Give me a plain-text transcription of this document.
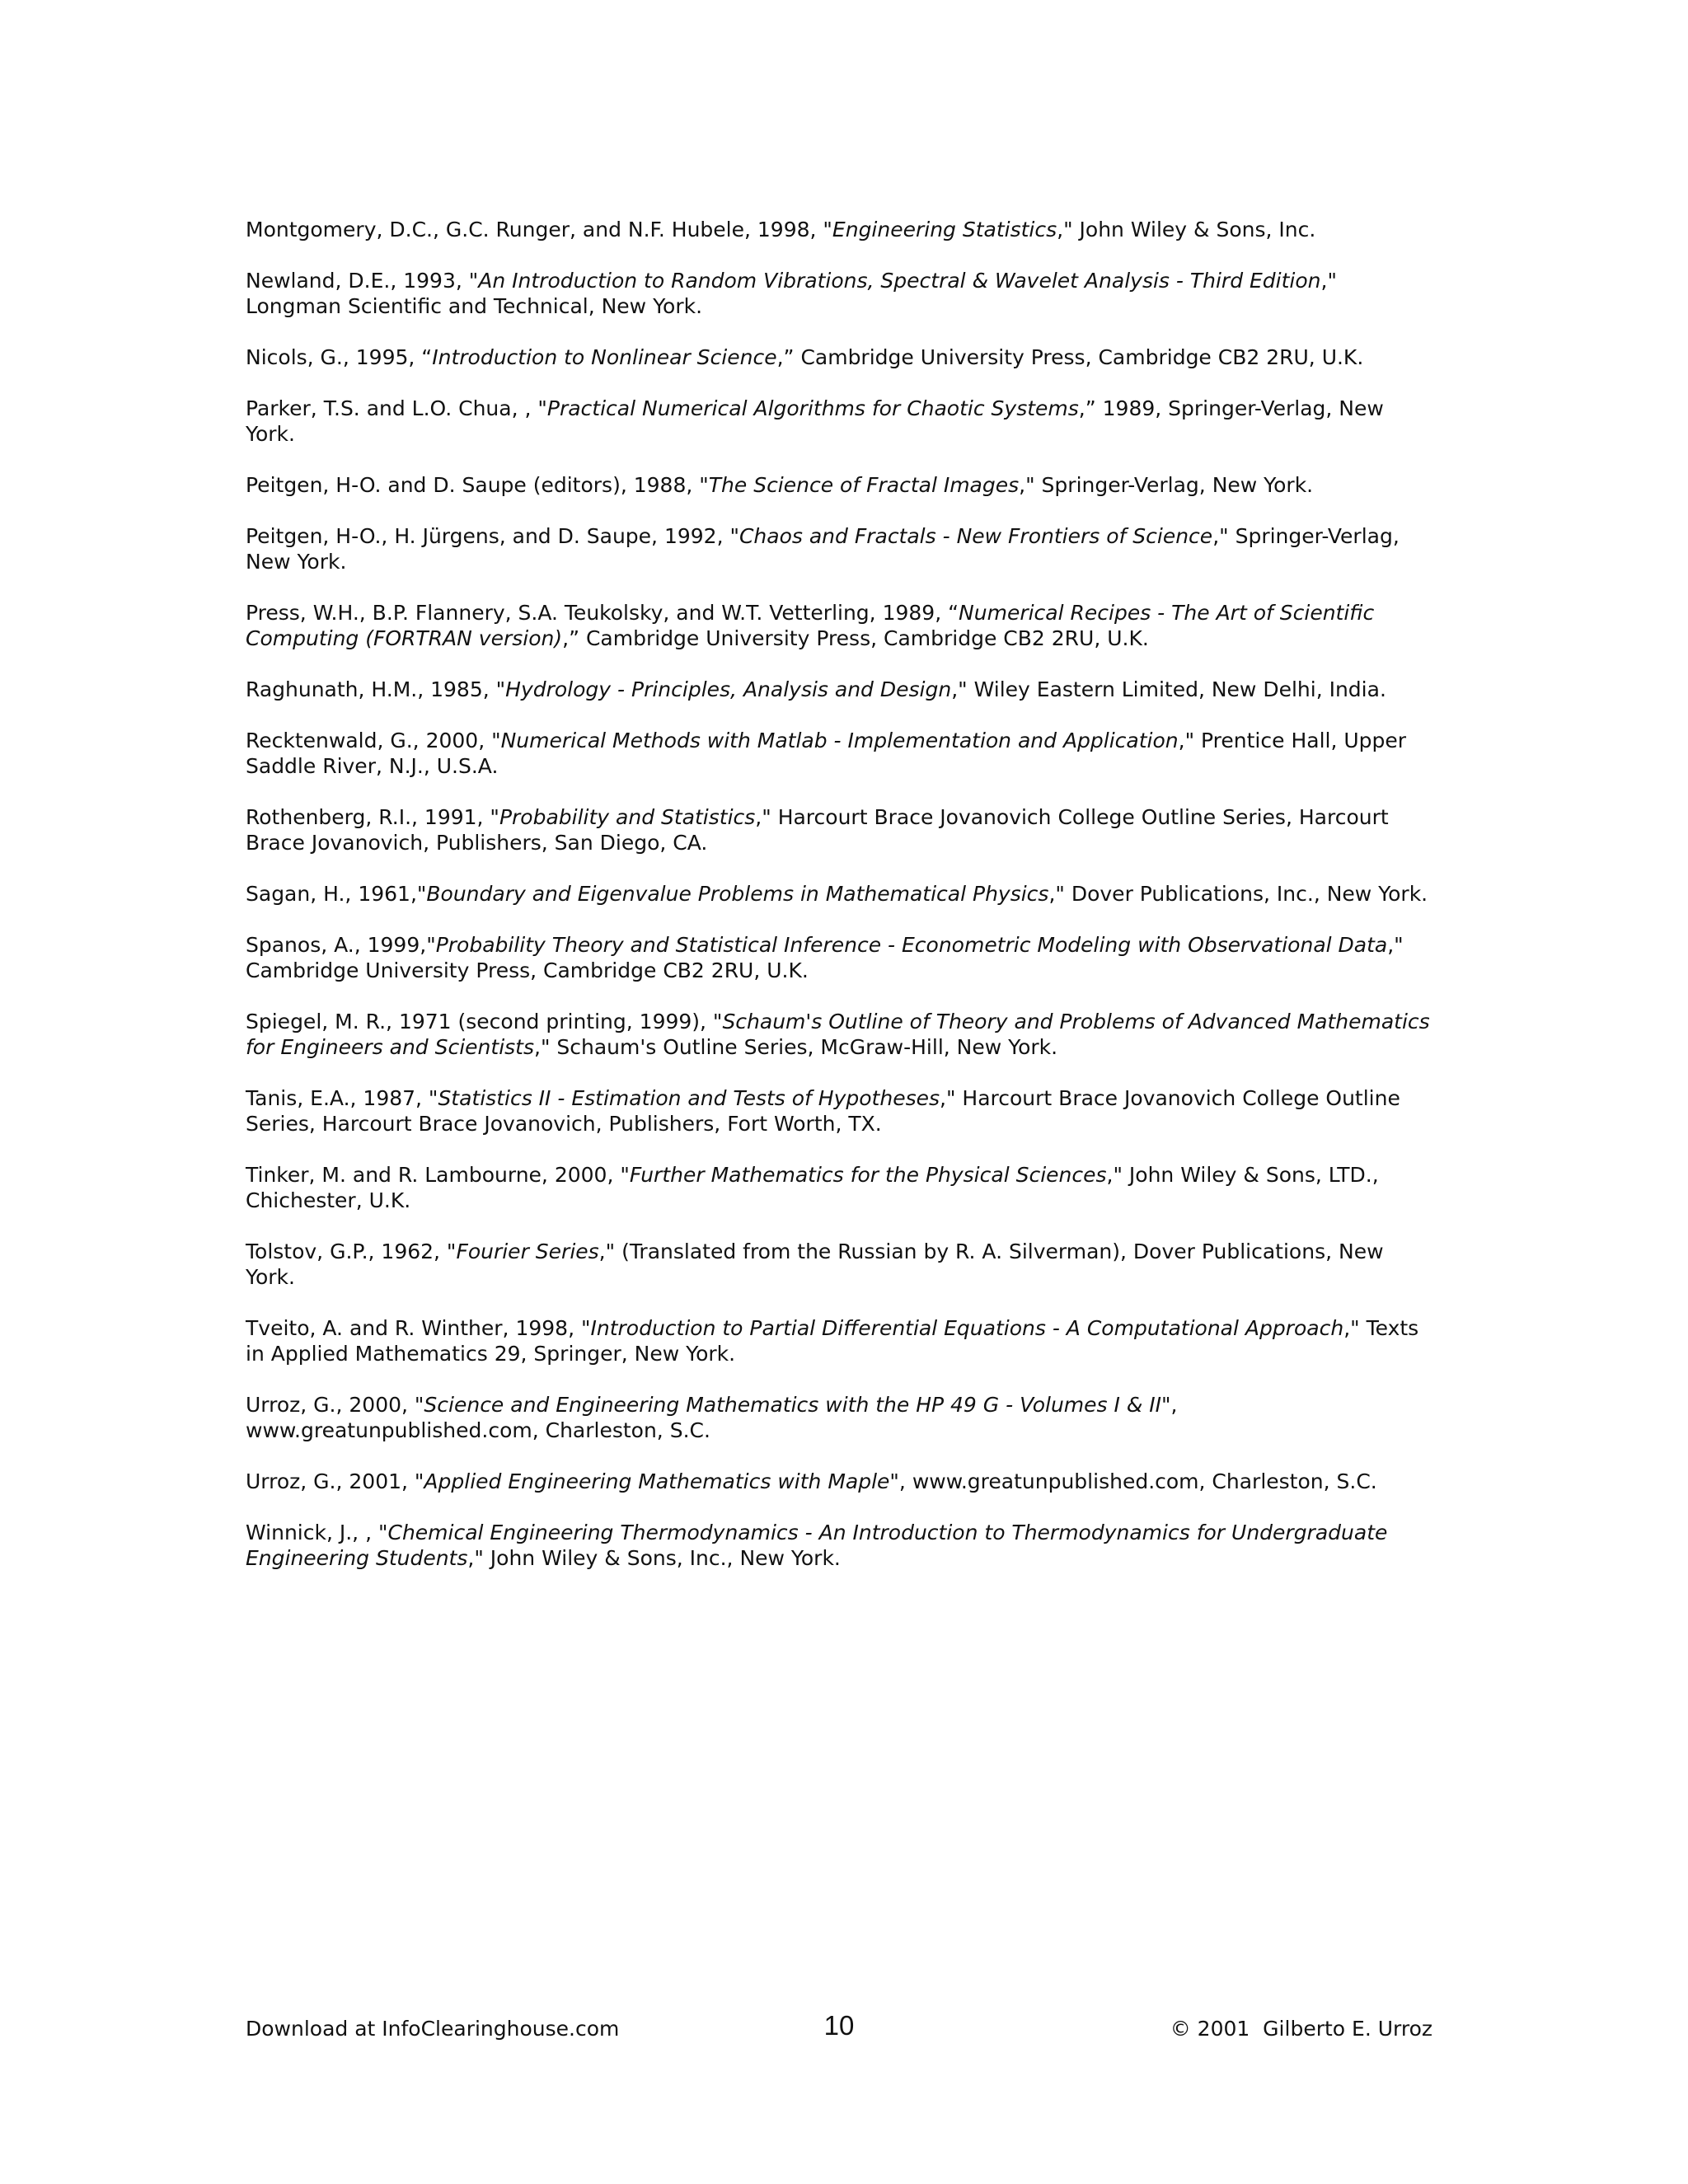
Montgomery, D.C., G.C. Runger, and N.F. Hubele, 1998, "Engineering Statistics," John Wiley & Sons, Inc.

Newland, D.E., 1993, "An Introduction to Random Vibrations, Spectral & Wavelet Analysis - Third Edition," Longman Scientific and Technical, New York.

Nicols, G., 1995, “Introduction to Nonlinear Science,” Cambridge University Press, Cambridge CB2 2RU, U.K.

Parker, T.S. and L.O. Chua, , "Practical Numerical Algorithms for Chaotic Systems,” 1989, Springer-Verlag, New York.

Peitgen, H-O. and D. Saupe (editors), 1988, "The Science of Fractal Images," Springer-Verlag, New York.

Peitgen, H-O., H. Jürgens, and D. Saupe, 1992, "Chaos and Fractals - New Frontiers of Science," Springer-Verlag, New York.

Press, W.H., B.P. Flannery, S.A. Teukolsky, and W.T. Vetterling, 1989, “Numerical Recipes - The Art of Scientific Computing (FORTRAN version),” Cambridge University Press, Cambridge CB2 2RU, U.K.

Raghunath, H.M., 1985, "Hydrology - Principles, Analysis and Design," Wiley Eastern Limited, New Delhi, India.

Recktenwald, G., 2000, "Numerical Methods with Matlab - Implementation and Application," Prentice Hall, Upper Saddle River, N.J., U.S.A.

Rothenberg, R.I., 1991, "Probability and Statistics," Harcourt Brace Jovanovich College Outline Series, Harcourt Brace Jovanovich, Publishers, San Diego, CA.

Sagan, H., 1961,"Boundary and Eigenvalue Problems in Mathematical Physics," Dover Publications, Inc., New York.

Spanos, A., 1999,"Probability Theory and Statistical Inference - Econometric Modeling with Observational Data," Cambridge University Press, Cambridge CB2 2RU, U.K.

Spiegel, M. R., 1971 (second printing, 1999), "Schaum's Outline of Theory and Problems of Advanced Mathematics for Engineers and Scientists," Schaum's Outline Series, McGraw-Hill, New York.

Tanis, E.A., 1987, "Statistics II - Estimation and Tests of Hypotheses," Harcourt Brace Jovanovich College Outline Series, Harcourt Brace Jovanovich, Publishers, Fort Worth, TX.

Tinker, M. and R. Lambourne, 2000, "Further Mathematics for the Physical Sciences," John Wiley & Sons, LTD., Chichester, U.K.

Tolstov, G.P., 1962, "Fourier Series," (Translated from the Russian by R. A. Silverman), Dover Publications, New York.

Tveito, A. and R. Winther, 1998, "Introduction to Partial Differential Equations - A Computational Approach," Texts in Applied Mathematics 29, Springer, New York.

Urroz, G., 2000, "Science and Engineering Mathematics with the HP 49 G - Volumes I & II", www.greatunpublished.com, Charleston, S.C.

Urroz, G., 2001, "Applied Engineering Mathematics with Maple", www.greatunpublished.com, Charleston, S.C.

Winnick, J., , "Chemical Engineering Thermodynamics - An Introduction to Thermodynamics for Undergraduate Engineering Students," John Wiley & Sons, Inc., New York.

Download at InfoClearinghouse.com	10	© 2001  Gilberto E. Urroz
